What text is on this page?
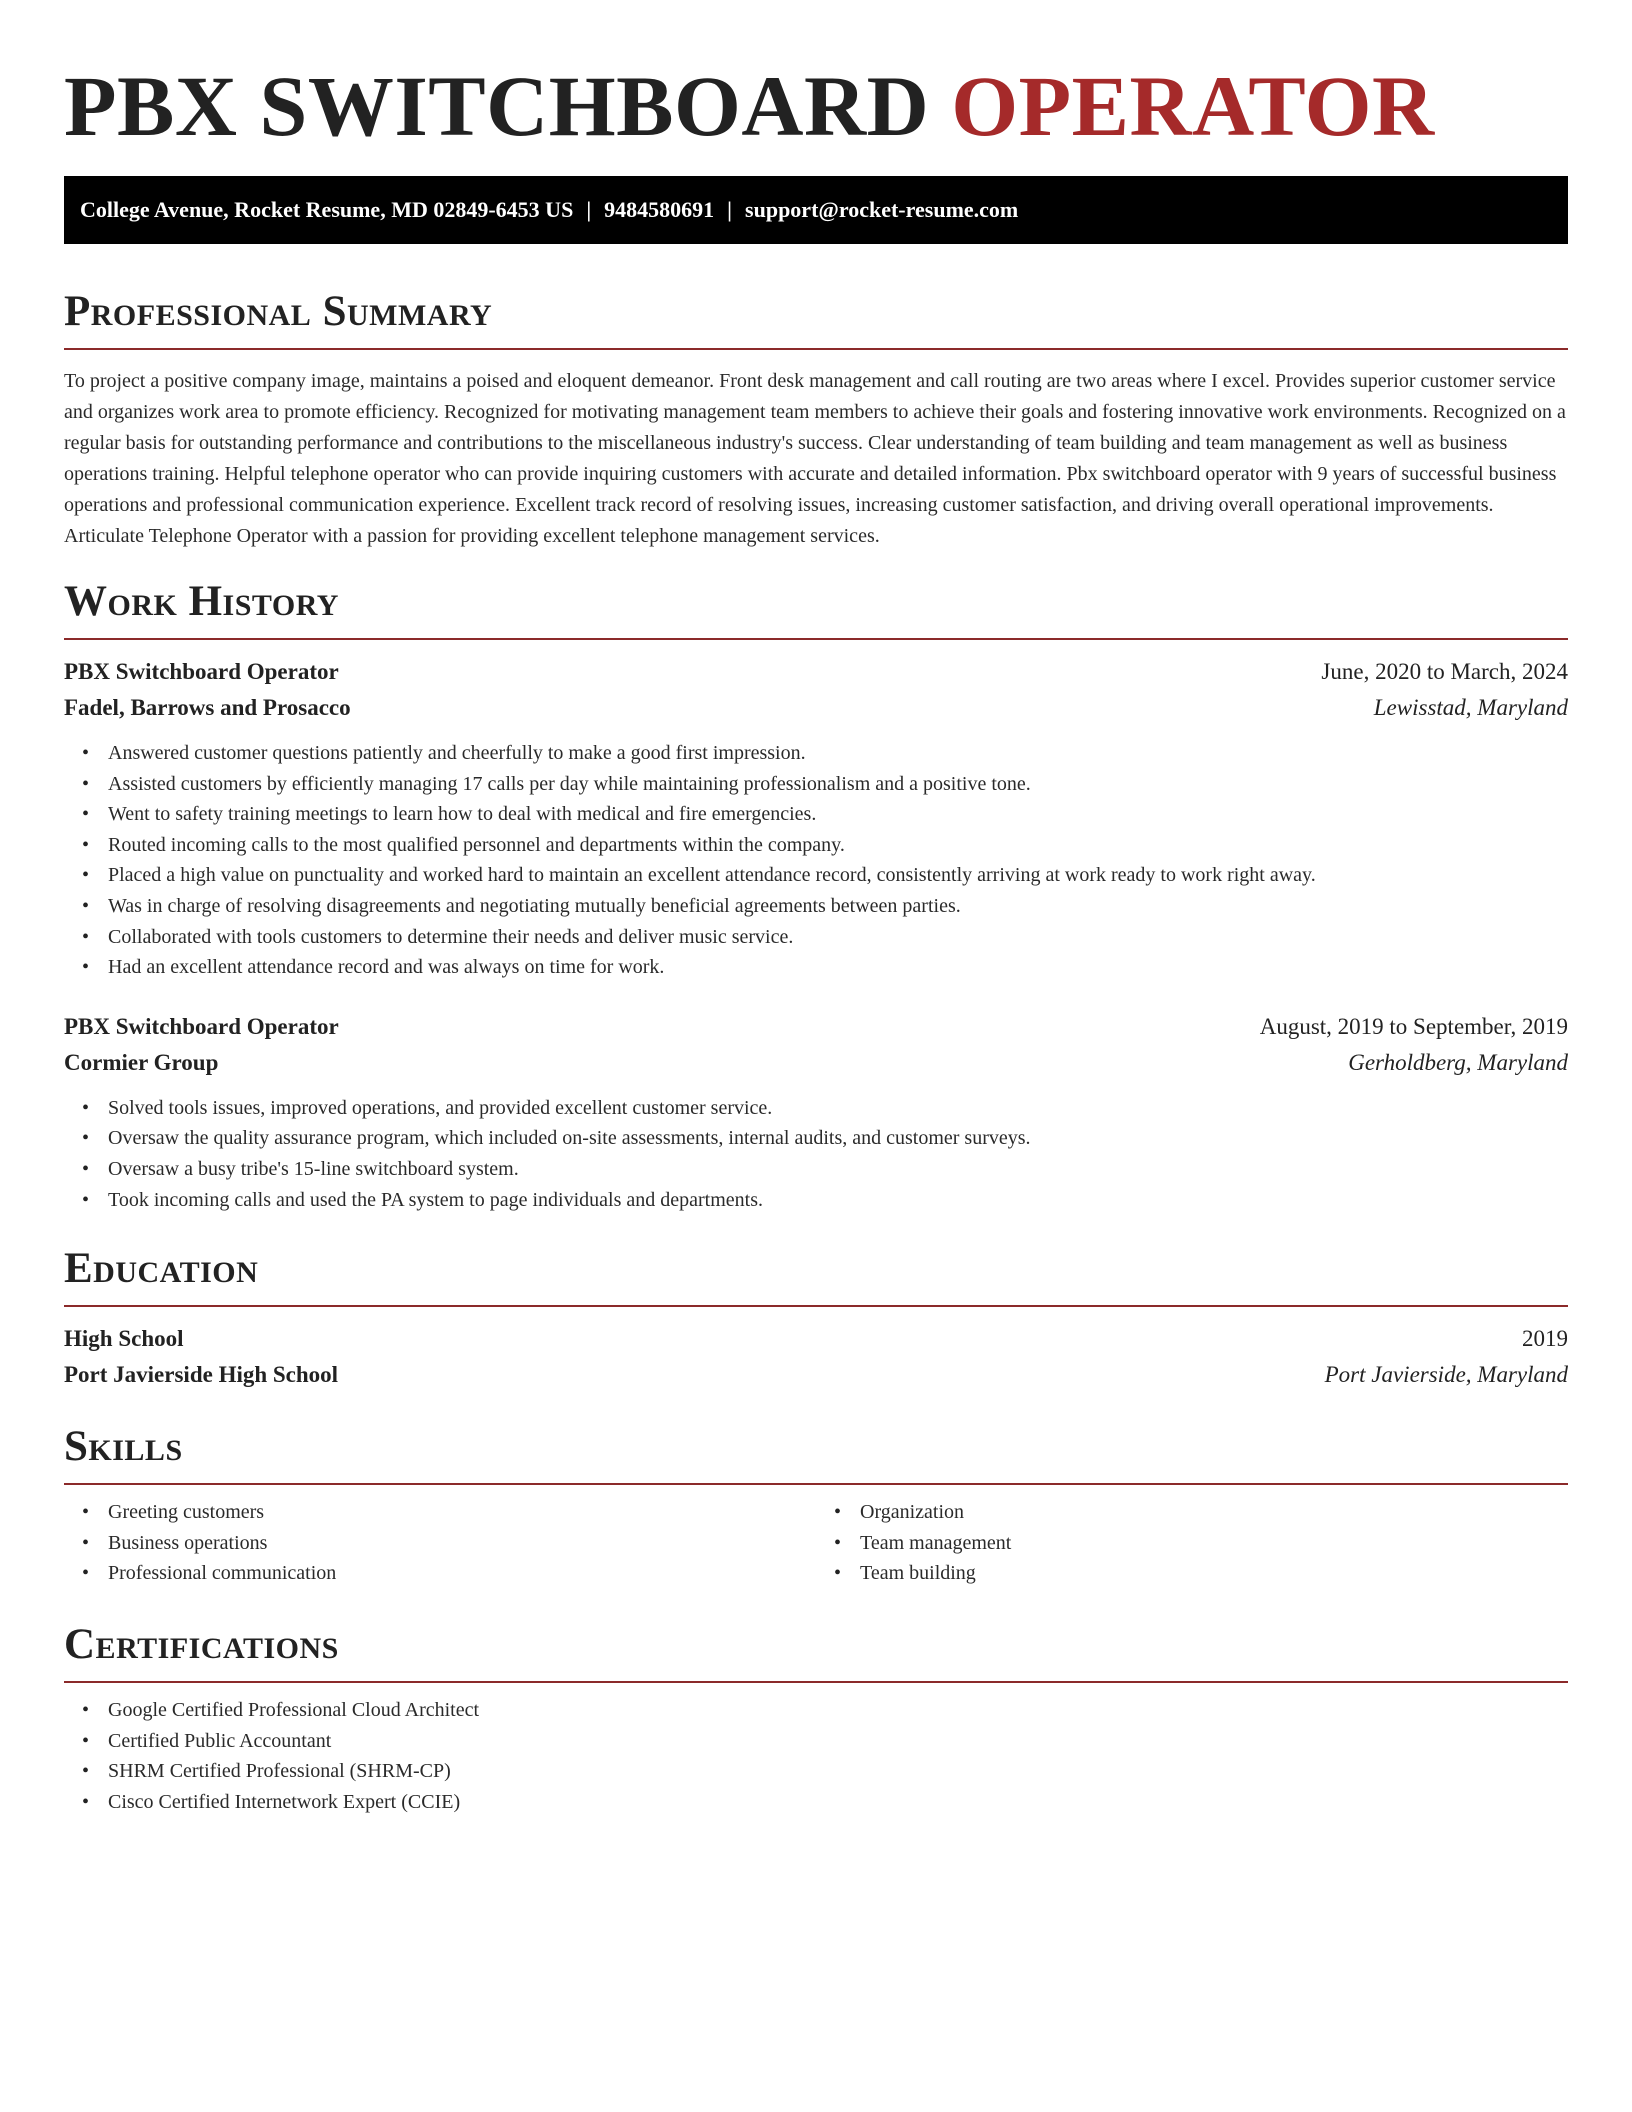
PBX SWITCHBOARD OPERATOR
College Avenue, Rocket Resume, MD 02849-6453 US | 9484580691 | support@rocket-resume.com
Professional Summary

To project a positive company image, maintains a poised and eloquent demeanor. Front desk management and call routing are two areas where I excel. Provides superior customer service and organizes work area to promote efficiency. Recognized for motivating management team members to achieve their goals and fostering innovative work environments. Recognized on a regular basis for outstanding performance and contributions to the miscellaneous industry's success. Clear understanding of team building and team management as well as business operations training. Helpful telephone operator who can provide inquiring customers with accurate and detailed information. Pbx switchboard operator with 9 years of successful business operations and professional communication experience. Excellent track record of resolving issues, increasing customer satisfaction, and driving overall operational improvements. Articulate Telephone Operator with a passion for providing excellent telephone management services.

Work History
PBX Switchboard Operator	June, 2020 to March, 2024
Fadel, Barrows and Prosacco	Lewisstad, Maryland
• Answered customer questions patiently and cheerfully to make a good first impression.
• Assisted customers by efficiently managing 17 calls per day while maintaining professionalism and a positive tone.
• Went to safety training meetings to learn how to deal with medical and fire emergencies.
• Routed incoming calls to the most qualified personnel and departments within the company.
• Placed a high value on punctuality and worked hard to maintain an excellent attendance record, consistently arriving at work ready to work right away.
• Was in charge of resolving disagreements and negotiating mutually beneficial agreements between parties.
• Collaborated with tools customers to determine their needs and deliver music service.
• Had an excellent attendance record and was always on time for work.
PBX Switchboard Operator	August, 2019 to September, 2019
Cormier Group	Gerholdberg, Maryland
• Solved tools issues, improved operations, and provided excellent customer service.
• Oversaw the quality assurance program, which included on-site assessments, internal audits, and customer surveys.
• Oversaw a busy tribe's 15-line switchboard system.
• Took incoming calls and used the PA system to page individuals and departments.
Education
High School	2019
Port Javierside High School	Port Javierside, Maryland
Skills
• Greeting customers
• Business operations
• Professional communication
• Organization
• Team management
• Team building
Certifications
• Google Certified Professional Cloud Architect
• Certified Public Accountant
• SHRM Certified Professional (SHRM-CP)
• Cisco Certified Internetwork Expert (CCIE)
